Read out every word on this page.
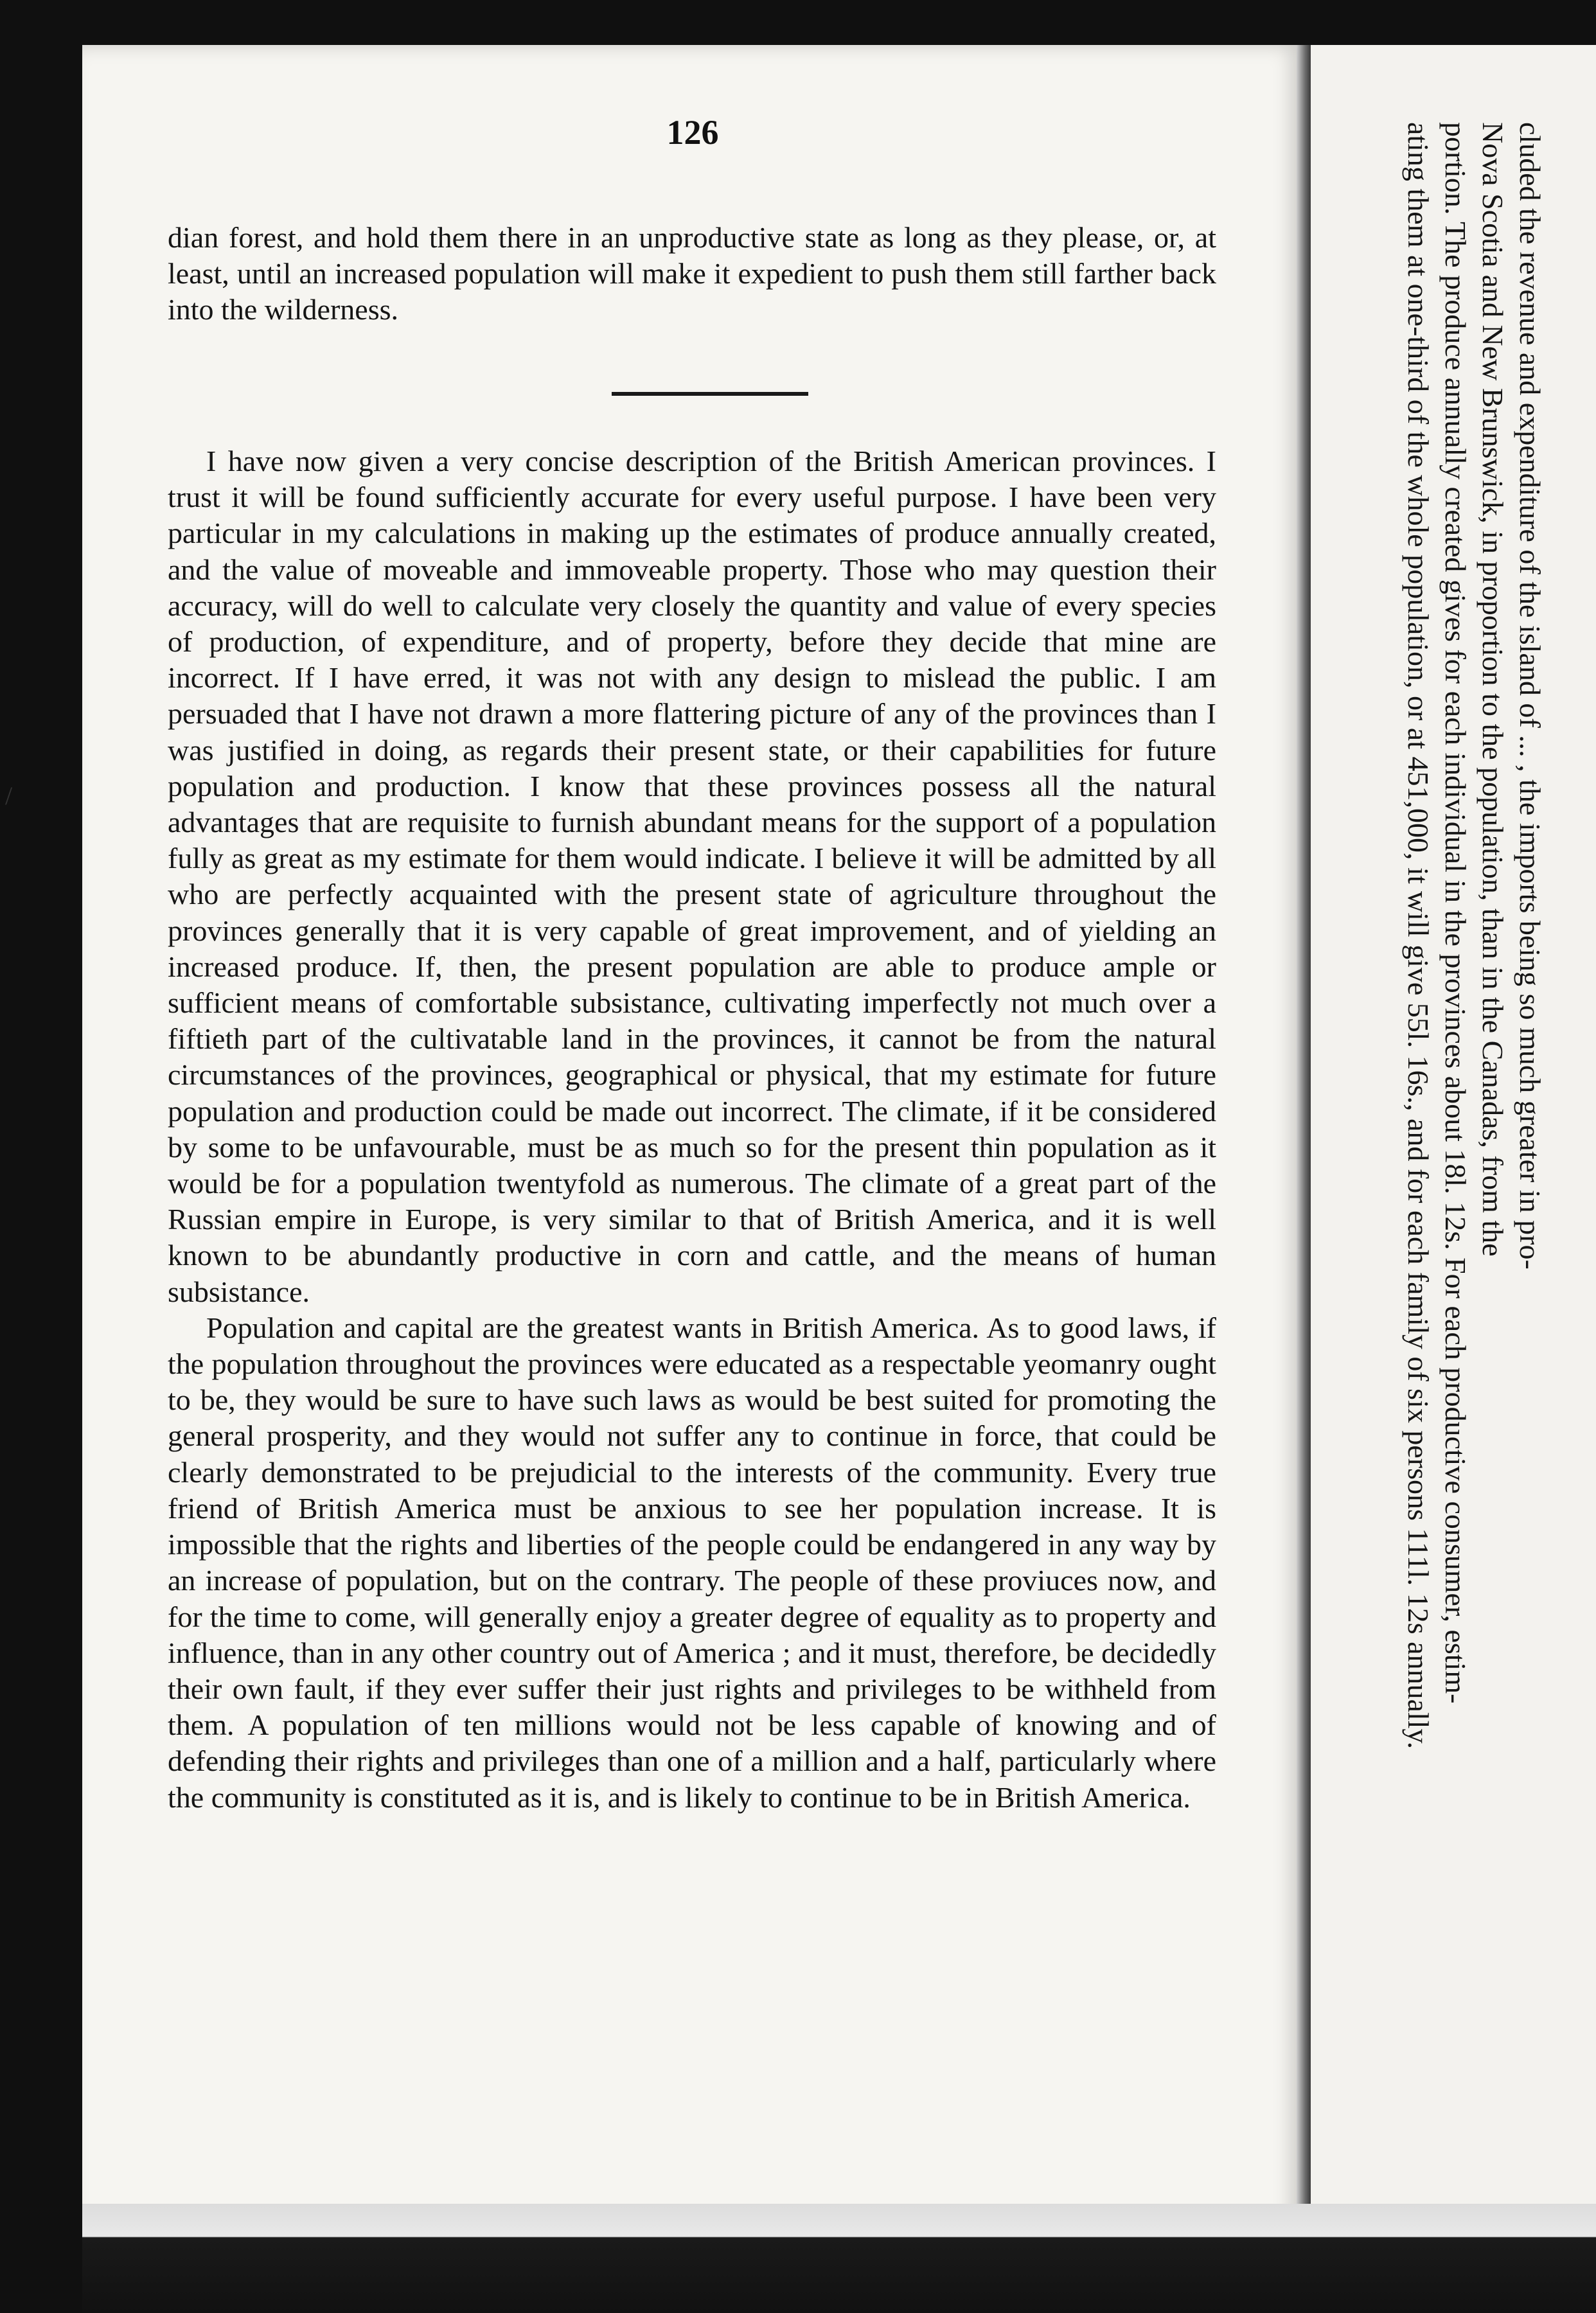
126

dian forest, and hold them there in an unproductive state as long as they please, or, at least, until an increased population will make it expedient to push them still farther back into the wilderness.

I have now given a very concise description of the British American provinces. I trust it will be found sufficiently accurate for every useful purpose. I have been very particular in my calculations in making up the estimates of produce annually created, and the value of moveable and immoveable property. Those who may question their accuracy, will do well to calculate very closely the quantity and value of every species of production, of expenditure, and of property, before they decide that mine are incorrect. If I have erred, it was not with any design to mislead the public. I am persuaded that I have not drawn a more flattering picture of any of the provinces than I was justified in doing, as regards their present state, or their capabilities for future population and production. I know that these provinces possess all the natural advantages that are requisite to furnish abundant means for the support of a population fully as great as my estimate for them would indicate. I believe it will be admitted by all who are perfectly acquainted with the present state of agriculture throughout the provinces generally that it is very capable of great improvement, and of yielding an increased produce. If, then, the present population are able to produce ample or sufficient means of comfortable subsistance, cultivating imperfectly not much over a fiftieth part of the cultivatable land in the provinces, it cannot be from the natural circumstances of the provinces, geographical or physical, that my estimate for future population and production could be made out incorrect. The climate, if it be considered by some to be unfavourable, must be as much so for the present thin population as it would be for a population twentyfold as numerous. The climate of a great part of the Russian empire in Europe, is very similar to that of British America, and it is well known to be abundantly productive in corn and cattle, and the means of human subsistance.

Population and capital are the greatest wants in British America. As to good laws, if the population throughout the provinces were educated as a respectable yeomanry ought to be, they would be sure to have such laws as would be best suited for promoting the general prosperity, and they would not suffer any to continue in force, that could be clearly demonstrated to be prejudicial to the interests of the community. Every true friend of British America must be anxious to see her population increase. It is impossible that the rights and liberties of the people could be endangered in any way by an increase of population, but on the contrary. The people of these proviuces now, and for the time to come, will generally enjoy a greater degree of equality as to property and influence, than in any other country out of America ; and it must, therefore, be decidedly their own fault, if they ever suffer their just rights and privileges to be withheld from them. A population of ten millions would not be less capable of knowing and of defending their rights and privileges than one of a million and a half, particularly where the community is constituted as it is, and is likely to continue to be in British America.

/	cluded the revenue and expenditure of the island of ... , the imports being so much greater in pro-

Nova Scotia and New Brunswick, in proportion to the population, than in the Canadas, from the

portion. The produce annually created gives for each individual in the provinces about 18l. 12s. For each productive consumer, estim-

ating them at one-third of the whole population, or at 451,000, it will give 55l. 16s., and for each family of six persons 111l. 12s annually.
